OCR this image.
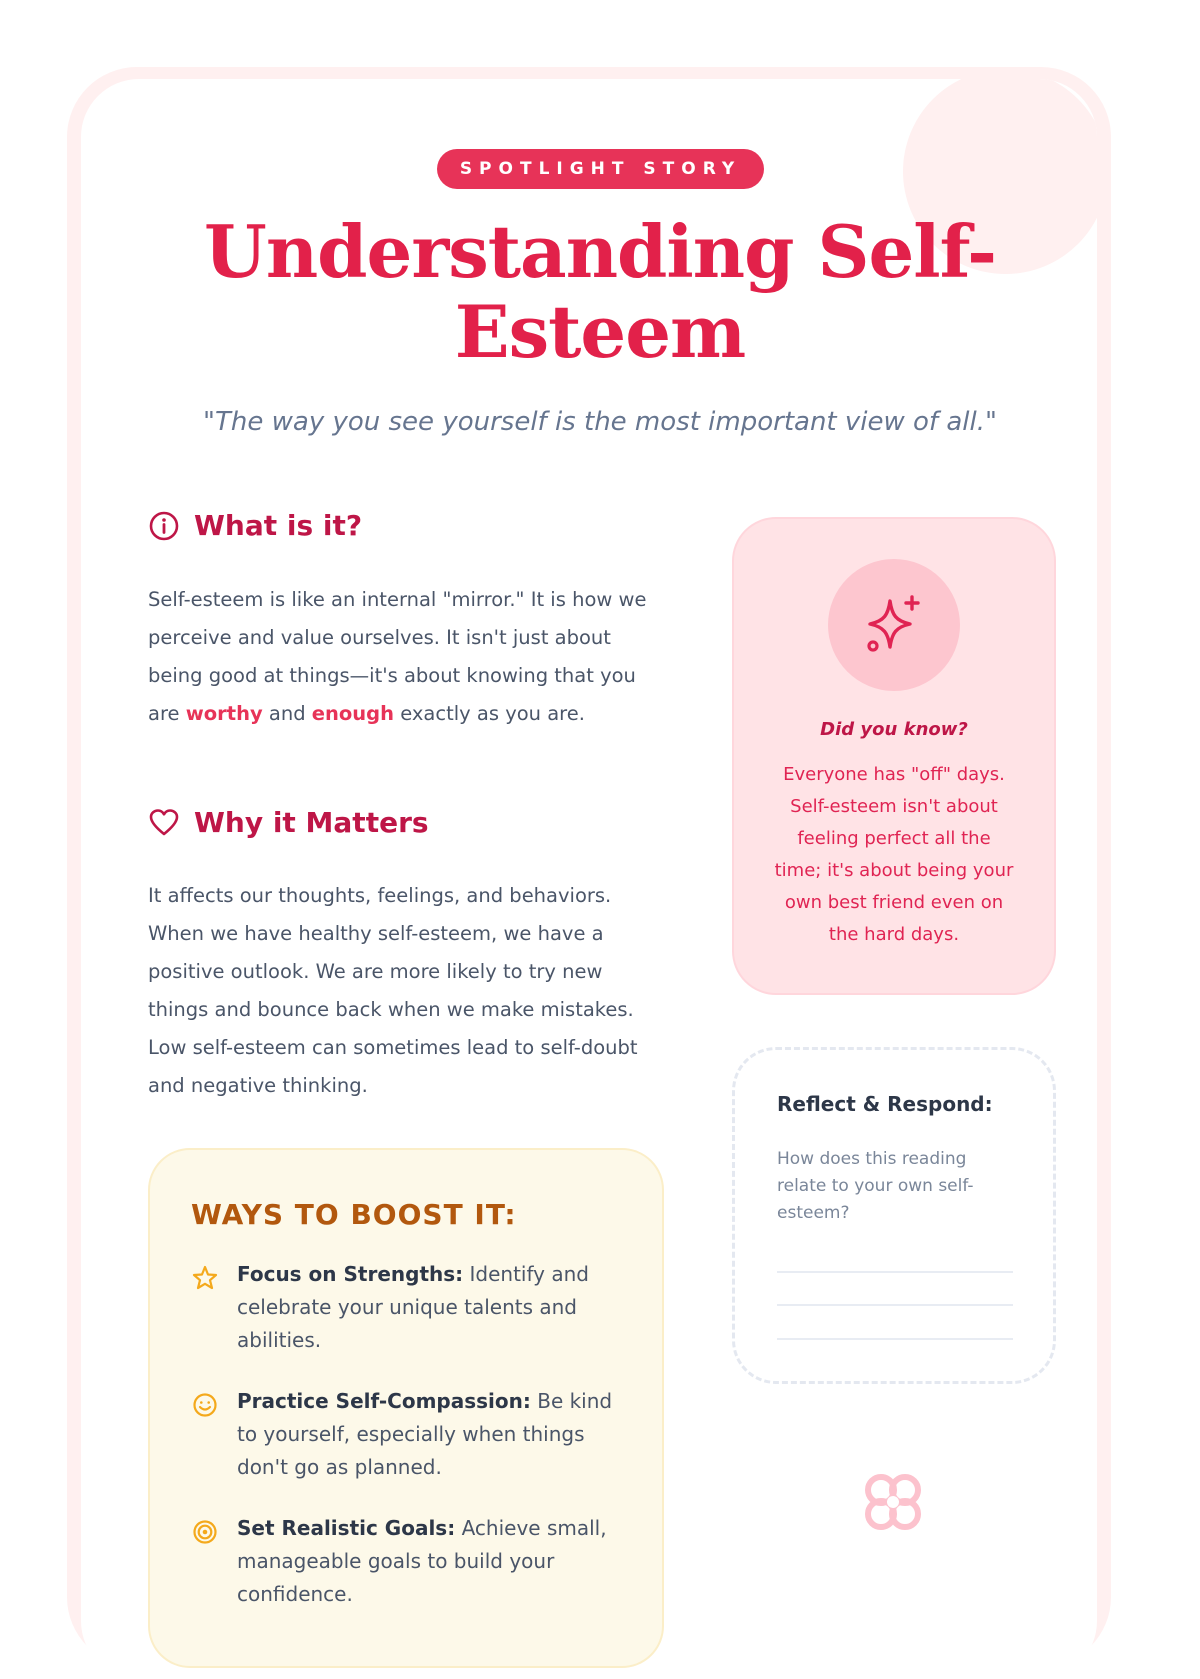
SPOTLIGHT STORY
Understanding Self-Esteem
"The way you see yourself is the most important view of all."
What is it?

Self-esteem is like an internal "mirror." It is how we perceive and value ourselves. It isn't just about being good at things—it's about knowing that you are worthy and enough exactly as you are.

Why it Matters

It affects our thoughts, feelings, and behaviors. When we have healthy self-esteem, we have a positive outlook. We are more likely to try new things and bounce back when we make mistakes. Low self-esteem can sometimes lead to self-doubt and negative thinking.

WAYS TO BOOST IT:
Focus on Strengths: Identify and celebrate your unique talents and abilities.
Practice Self-Compassion: Be kind to yourself, especially when things don't go as planned.
Set Realistic Goals: Achieve small, manageable goals to build your confidence.
Did you know?
Everyone has "off" days. Self-esteem isn't about feeling perfect all the time; it's about being your own best friend even on the hard days.
Reflect & Respond:
How does this reading relate to your own self-esteem?
